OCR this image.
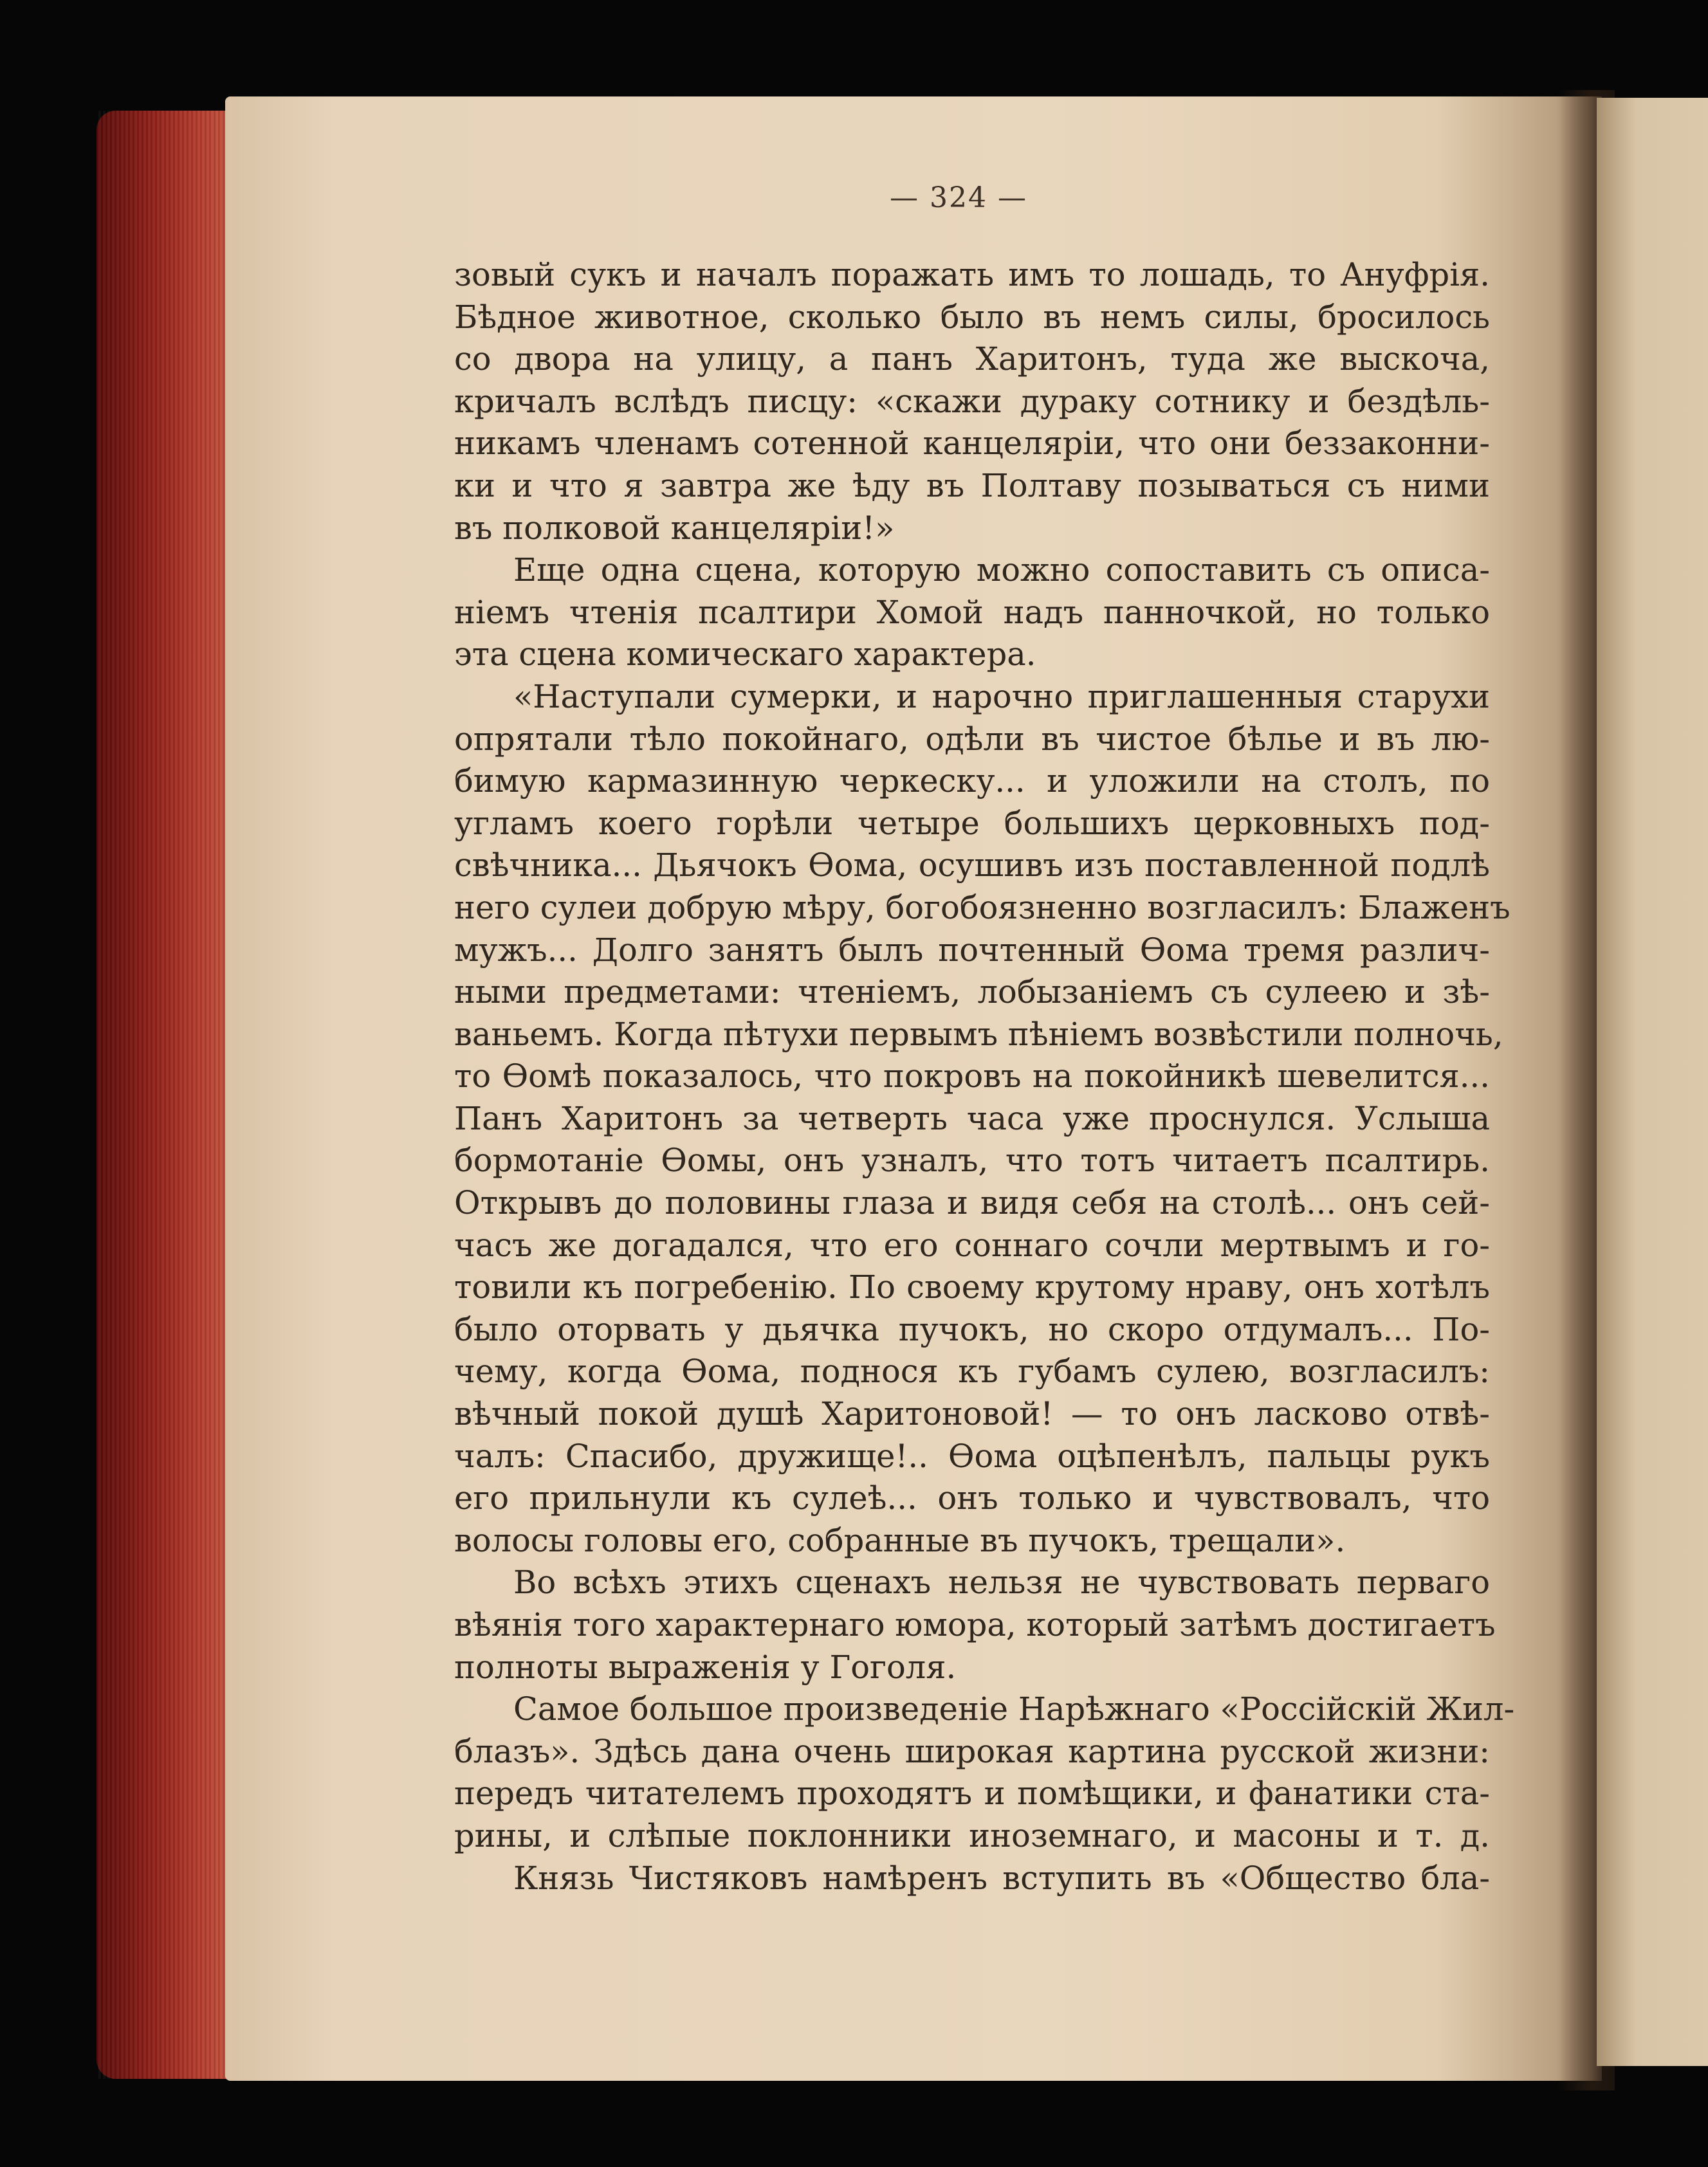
— 324 —
зовый сукъ и началъ поражать имъ то лошадь, то Ануфрія.
Бѣдное животное, сколько было въ немъ силы, бросилось
со двора на улицу, а панъ Харитонъ, туда же выскоча,
кричалъ вслѣдъ писцу: «скажи дураку сотнику и бездѣль-
никамъ членамъ сотенной канцеляріи, что они беззаконни-
ки и что я завтра же ѣду въ Полтаву позываться съ ними
въ полковой канцеляріи!»
Еще одна сцена, которую можно сопоставить съ описа-
ніемъ чтенія псалтири Хомой надъ панночкой, но только
эта сцена комическаго характера.
«Наступали сумерки, и нарочно приглашенныя старухи
опрятали тѣло покойнаго, одѣли въ чистое бѣлье и въ лю-
бимую кармазинную черкеску... и уложили на столъ, по
угламъ коего горѣли четыре большихъ церковныхъ под-
свѣчника... Дьячокъ Ѳома, осушивъ изъ поставленной подлѣ
него сулеи добрую мѣру, богобоязненно возгласилъ: Блаженъ
мужъ... Долго занятъ былъ почтенный Ѳома тремя различ-
ными предметами: чтеніемъ, лобызаніемъ съ сулеею и зѣ-
ваньемъ. Когда пѣтухи первымъ пѣніемъ возвѣстили полночь,
то Ѳомѣ показалось, что покровъ на покойникѣ шевелится...
Панъ Харитонъ за четверть часа уже проснулся. Услыша
бормотаніе Ѳомы, онъ узналъ, что тотъ читаетъ псалтирь.
Открывъ до половины глаза и видя себя на столѣ... онъ сей-
часъ же догадался, что его соннаго сочли мертвымъ и го-
товили къ погребенію. По своему крутому нраву, онъ хотѣлъ
было оторвать у дьячка пучокъ, но скоро отдумалъ... По-
чему, когда Ѳома, поднося къ губамъ сулею, возгласилъ:
вѣчный покой душѣ Харитоновой! — то онъ ласково отвѣ-
чалъ: Спасибо, дружище!.. Ѳома оцѣпенѣлъ, пальцы рукъ
его прильнули къ сулеѣ... онъ только и чувствовалъ, что
волосы головы его, собранные въ пучокъ, трещали».
Во всѣхъ этихъ сценахъ нельзя не чувствовать перваго
вѣянія того характернаго юмора, который затѣмъ достигаетъ
полноты выраженія у Гоголя.
Самое большое произведеніе Нарѣжнаго «Россійскій Жил-
блазъ». Здѣсь дана очень широкая картина русской жизни:
передъ читателемъ проходятъ и помѣщики, и фанатики ста-
рины, и слѣпые поклонники иноземнаго, и масоны и т. д.
Князь Чистяковъ намѣренъ вступить въ «Общество бла-
